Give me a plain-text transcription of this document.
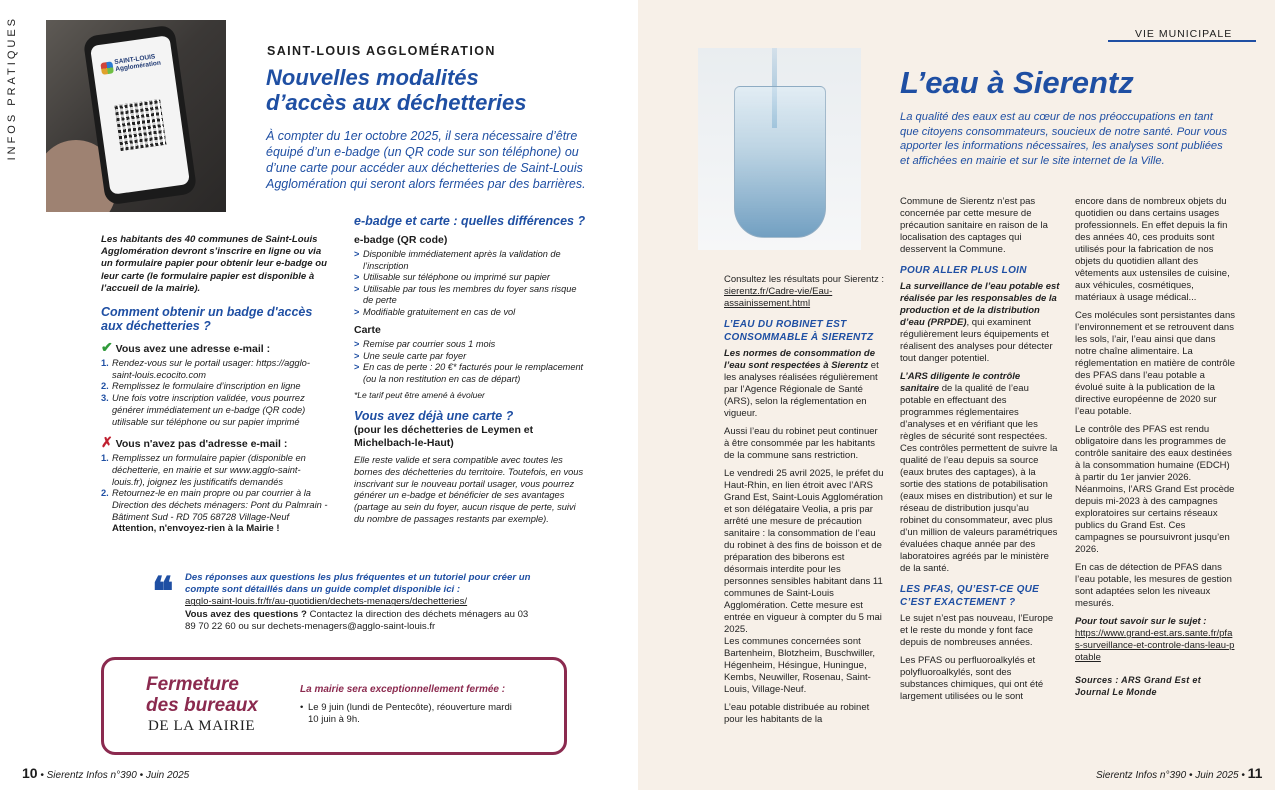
INFOS PRATIQUES	SAINT-LOUIS
Agglomération
SAINT-LOUIS AGGLOMÉRATION
Nouvelles modalités
d’accès aux déchetteries
À compter du 1er octobre 2025, il sera nécessaire d’être équipé d’un e-badge (un QR code sur son téléphone) ou d’une carte pour accéder aux déchetteries de Saint-Louis Agglomération qui seront alors fermées par des barrières.
Les habitants des 40 communes de Saint-Louis Agglomération devront s’inscrire en ligne ou via un formulaire papier pour obtenir leur e-badge ou leur carte (le formulaire papier est disponible à l’accueil de la mairie).
Comment obtenir un badge d'accès aux déchetteries ?
✔ Vous avez une adresse e-mail :
1. Rendez-vous sur le portail usager: https://agglo-saint-louis.ecocito.com
2. Remplissez le formulaire d’inscription en ligne
3. Une fois votre inscription validée, vous pourrez générer immédiatement un e-badge (QR code) utilisable sur téléphone ou sur papier imprimé
✗ Vous n'avez pas d'adresse e-mail :
1. Remplissez un formulaire papier (disponible en déchetterie, en mairie et sur www.agglo-saint-louis.fr), joignez les justificatifs demandés
2. Retournez-le en main propre ou par courrier à la Direction des déchets ménagers: Pont du Palmrain - Bâtiment Sud - RD 705 68728 Village-Neuf
Attention, n'envoyez-rien à la Mairie !
e-badge et carte : quelles différences ?
e-badge (QR code)
> Disponible immédiatement après la validation de l’inscription
> Utilisable sur téléphone ou imprimé sur papier
> Utilisable par tous les membres du foyer sans risque de perte
> Modifiable gratuitement en cas de vol
Carte
> Remise par courrier sous 1 mois
> Une seule carte par foyer
> En cas de perte : 20 €* facturés pour le remplacement (ou la non restitution en cas de départ)
*Le tarif peut être amené à évoluer
Vous avez déjà une carte ?
(pour les déchetteries de Leymen et Michelbach-le-Haut)
Elle reste valide et sera compatible avec toutes les bornes des déchetteries du territoire. Toutefois, en vous inscrivant sur le nouveau portail usager, vous pourrez générer un e-badge et bénéficier de ses avantages (partage au sein du foyer, aucun risque de perte, suivi du nombre de passages restants par exemple).
❝ Des réponses aux questions les plus fréquentes et un tutoriel pour créer un compte sont détaillés dans un guide complet disponible ici :
agglo-saint-louis.fr/fr/au-quotidien/dechets-menagers/dechetteries/
Vous avez des questions ? Contactez la direction des déchets ménagers au 03 89 70 22 60 ou sur dechets-menagers@agglo-saint-louis.fr
Fermeture
des bureaux
DE LA MAIRIE
La mairie sera exceptionnellement fermée :
• Le 9 juin (lundi de Pentecôte), réouverture mardi 10 juin à 9h.
10 • Sierentz Infos n°390 • Juin 2025
VIE MUNICIPALE
L’eau à Sierentz
La qualité des eaux est au cœur de nos préoccupations en tant que citoyens consommateurs, soucieux de notre santé. Pour vous apporter les informations nécessaires, les analyses sont publiées et affichées en mairie et sur le site internet de la Ville.

Consultez les résultats pour Sierentz : sierentz.fr/Cadre-vie/Eau-assainissement.html

L’EAU DU ROBINET EST CONSOMMABLE À SIERENTZ

Les normes de consommation de l’eau sont respectées à Sierentz et les analyses réalisées régulièrement par l’Agence Régionale de Santé (ARS), selon la réglementation en vigueur.

Aussi l’eau du robinet peut continuer à être consommée par les habitants de la commune sans restriction.

Le vendredi 25 avril 2025, le préfet du Haut-Rhin, en lien étroit avec l’ARS Grand Est, Saint-Louis Agglomération et son délégataire Veolia, a pris par arrêté une mesure de précaution sanitaire : la consommation de l’eau du robinet à des fins de boisson et de préparation des biberons est désormais interdite pour les personnes sensibles habitant dans 11 communes de Saint-Louis Agglomération. Cette mesure est entrée en vigueur à compter du 5 mai 2025.

Les communes concernées sont Bartenheim, Blotzheim, Buschwiller, Hégenheim, Hésingue, Huningue, Kembs, Neuwiller, Rosenau, Saint-Louis, Village-Neuf.

L’eau potable distribuée au robinet pour les habitants de la

Commune de Sierentz n’est pas concernée par cette mesure de précaution sanitaire en raison de la localisation des captages qui desservent la Commune.

POUR ALLER PLUS LOIN

La surveillance de l’eau potable est réalisée par les responsables de la production et de la distribution d’eau (PRPDE), qui examinent régulièrement leurs équipements et réalisent des analyses pour détecter tout danger potentiel.

L’ARS diligente le contrôle sanitaire de la qualité de l’eau potable en effectuant des programmes réglementaires d’analyses et en vérifiant que les règles de sécurité sont respectées. Ces contrôles permettent de suivre la qualité de l’eau depuis sa source (eaux brutes des captages), à la sortie des stations de potabilisation (eaux mises en distribution) et sur le réseau de distribution jusqu’au robinet du consommateur, avec plus d’un million de valeurs paramétriques évaluées chaque année par des laboratoires agréés par le ministère de la santé.

LES PFAS, QU’EST-CE QUE C’EST EXACTEMENT ?

Le sujet n’est pas nouveau, l’Europe et le reste du monde y font face depuis de nombreuses années.

Les PFAS ou perfluoroalkylés et polyfluoroalkylés, sont des substances chimiques, qui ont été largement utilisées ou le sont

encore dans de nombreux objets du quotidien ou dans certains usages professionnels. En effet depuis la fin des années 40, ces produits sont utilisés pour la fabrication de nos objets du quotidien allant des vêtements aux ustensiles de cuisine, aux véhicules, cosmétiques, matériaux à usage médical...

Ces molécules sont persistantes dans l’environnement et se retrouvent dans les sols, l’air, l’eau ainsi que dans notre chaîne alimentaire. La réglementation en matière de contrôle des PFAS dans l’eau potable a évolué suite à la publication de la directive européenne de 2020 sur l’eau potable.

Le contrôle des PFAS est rendu obligatoire dans les programmes de contrôle sanitaire des eaux destinées à la consommation humaine (EDCH) à partir du 1er janvier 2026. Néanmoins, l’ARS Grand Est procède depuis mi-2023 à des campagnes exploratoires sur certains réseaux publics du Grand Est. Ces campagnes se poursuivront jusqu’en 2026.

En cas de détection de PFAS dans l’eau potable, les mesures de gestion sont adaptées selon les niveaux mesurés.

Pour tout savoir sur le sujet :
https://www.grand-est.ars.sante.fr/pfas-surveillance-et-controle-dans-leau-potable

Sources : ARS Grand Est et Journal Le Monde

Sierentz Infos n°390 • Juin 2025 • 11
